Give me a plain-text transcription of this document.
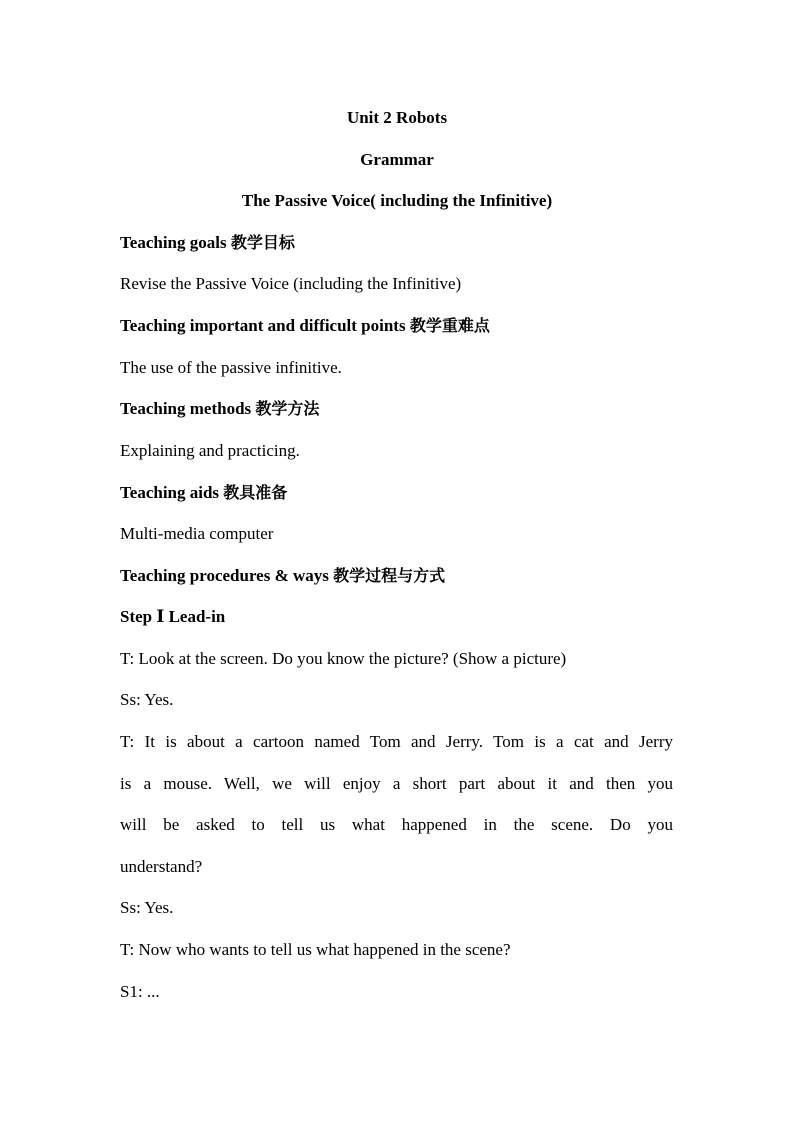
Unit 2 Robots
Grammar
The Passive Voice( including the Infinitive)
Teaching goals 教学目标
Revise the Passive Voice (including the Infinitive)
Teaching important and difficult points 教学重难点
The use of the passive infinitive.
Teaching methods 教学方法
Explaining and practicing.
Teaching aids 教具准备
Multi-media computer
Teaching procedures & ways 教学过程与方式
Step Ⅰ Lead-in
T: Look at the screen. Do you know the picture? (Show a picture)
Ss: Yes.
T: It is about a cartoon named Tom and Jerry. Tom is a cat and Jerry
is a mouse. Well, we will enjoy a short part about it and then you
will be asked to tell us what happened in the scene. Do you
understand?
Ss: Yes.
T: Now who wants to tell us what happened in the scene?
S1: ...
